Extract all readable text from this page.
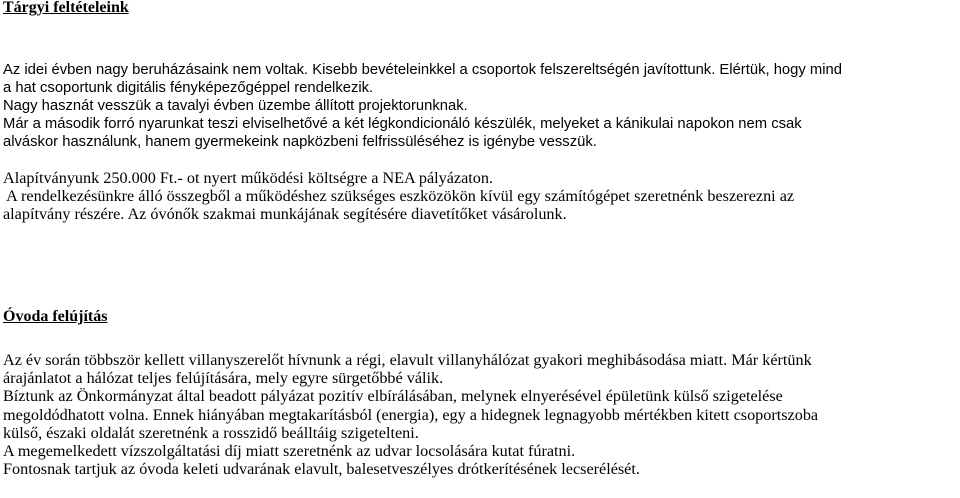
Tárgyi feltételeink
Az idei évben nagy beruházásaink nem voltak. Kisebb bevételeinkkel a csoportok felszereltségén javítottunk. Elértük, hogy mind
a hat csoportunk digitális fényképezőgéppel rendelkezik.
Nagy hasznát vesszük a tavalyi évben üzembe állított projektorunknak.
Már a második forró nyarunkat teszi elviselhetővé a két légkondicionáló készülék, melyeket a kánikulai napokon nem csak
alváskor használunk, hanem gyermekeink napközbeni felfrissüléséhez is igénybe vesszük.
Alapítványunk 250.000 Ft.- ot nyert működési költségre a NEA pályázaton.
A rendelkezésünkre álló összegből a működéshez szükséges eszközökön kívül egy számítógépet szeretnénk beszerezni az
alapítvány részére. Az óvónők szakmai munkájának segítésére diavetítőket vásárolunk.
Óvoda felújítás
Az év során többször kellett villanyszerelőt hívnunk a régi, elavult villanyhálózat gyakori meghibásodása miatt. Már kértünk
árajánlatot a hálózat teljes felújítására, mely egyre sürgetőbbé válik.
Bíztunk az Önkormányzat által beadott pályázat pozitív elbírálásában, melynek elnyerésével épületünk külső szigetelése
megoldódhatott volna. Ennek hiányában megtakarításból (energia), egy a hidegnek legnagyobb mértékben kitett csoportszoba
külső, északi oldalát szeretnénk a rosszidő beálltáig szigetelteni.
A megemelkedett vízszolgáltatási díj miatt szeretnénk az udvar locsolására kutat fúratni.
Fontosnak tartjuk az óvoda keleti udvarának elavult, balesetveszélyes drótkerítésének lecserélését.
